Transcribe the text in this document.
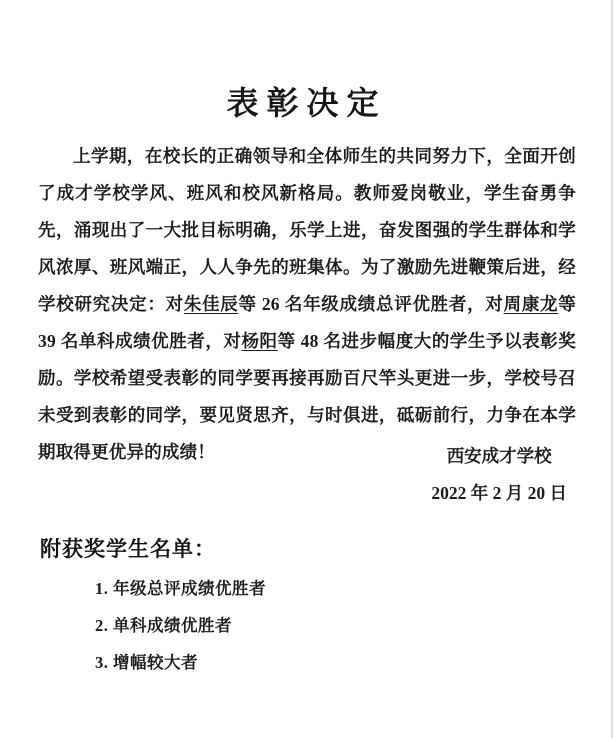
表彰决定

上学期，在校长的正确领导和全体师生的共同努力下，全面开创了成才学校学风、班风和校风新格局。教师爱岗敬业，学生奋勇争先，涌现出了一大批目标明确，乐学上进，奋发图强的学生群体和学风浓厚、班风端正，人人争先的班集体。为了激励先进鞭策后进，经学校研究决定：对朱佳辰等 26 名年级成绩总评优胜者，对周康龙等 39 名单科成绩优胜者，对杨阳等 48 名进步幅度大的学生予以表彰奖励。学校希望受表彰的同学要再接再励百尺竿头更进一步，学校号召未受到表彰的同学，要见贤思齐，与时俱进，砥砺前行，力争在本学期取得更优异的成绩！	西安成才学校
2022 年 2 月 20 日
附获奖学生名单：
1. 年级总评成绩优胜者
2. 单科成绩优胜者
3. 增幅较大者
